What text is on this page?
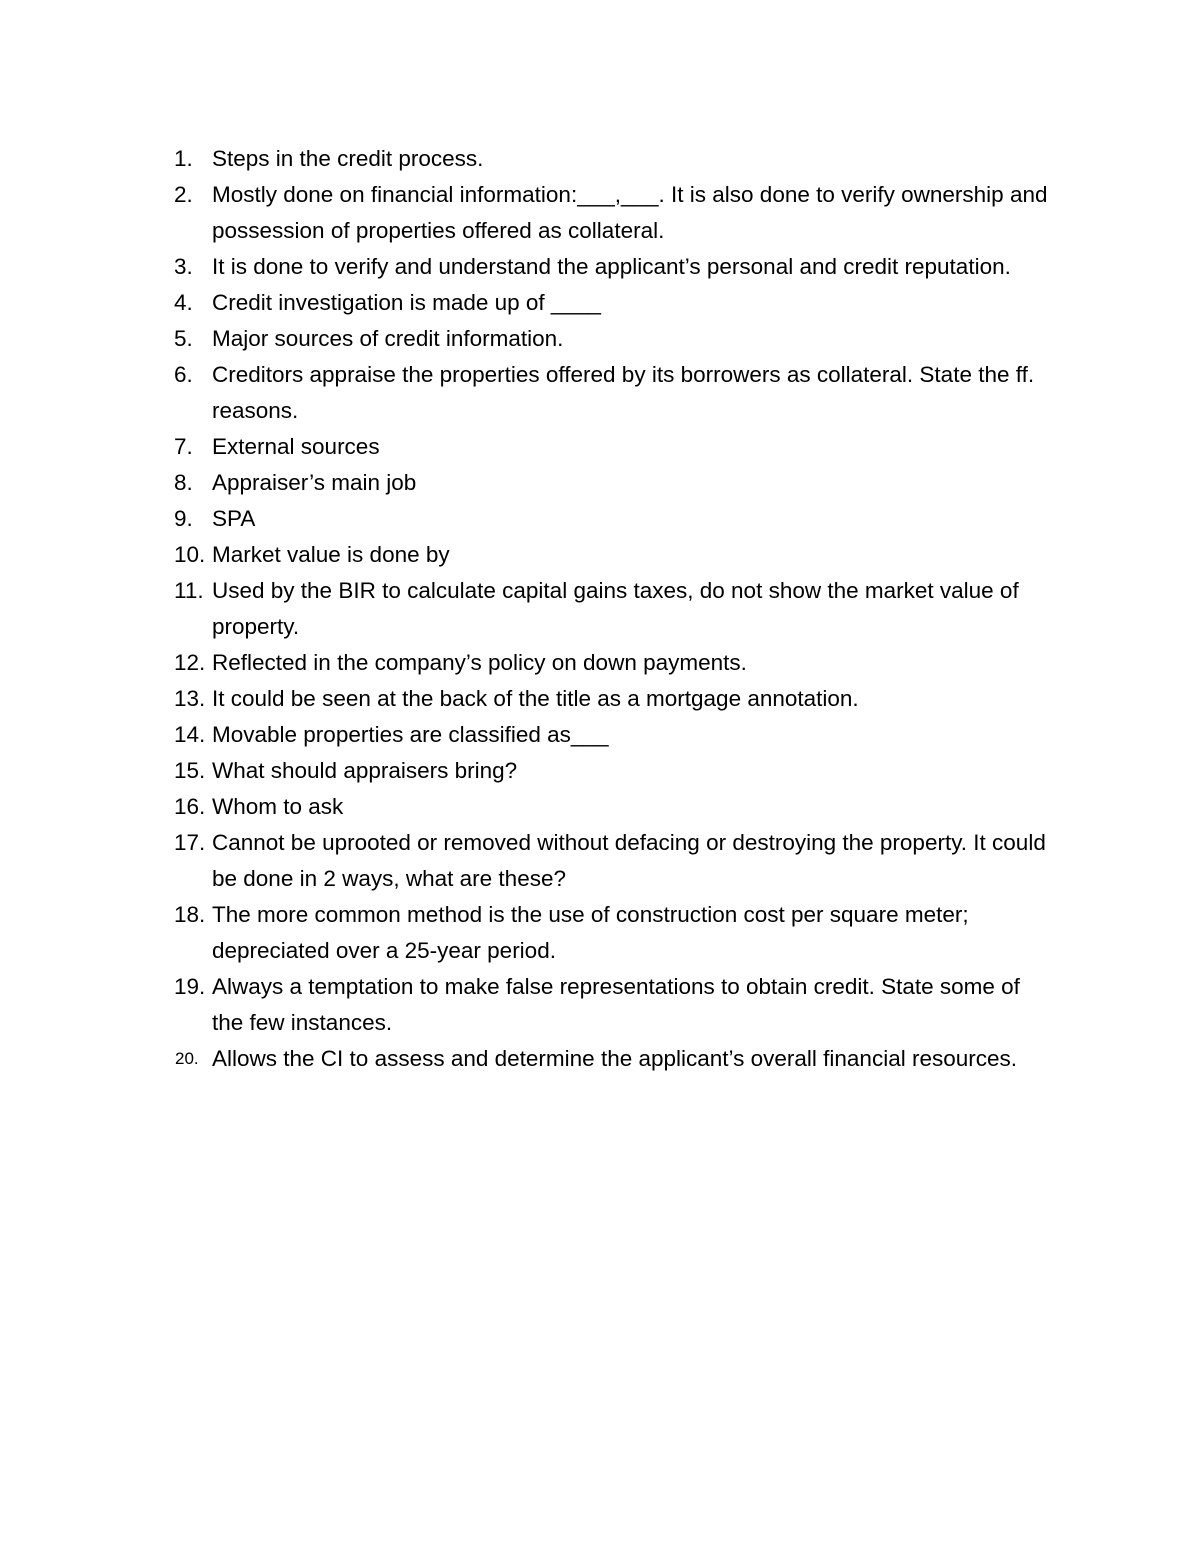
1. Steps in the credit process.
2. Mostly done on financial information:___,___. It is also done to verify ownership and possession of properties offered as collateral.
3. It is done to verify and understand the applicant’s personal and credit reputation.
4. Credit investigation is made up of ____
5. Major sources of credit information.
6. Creditors appraise the properties offered by its borrowers as collateral. State the ff. reasons.
7. External sources
8. Appraiser’s main job
9. SPA
10. Market value is done by
11. Used by the BIR to calculate capital gains taxes, do not show the market value of property.
12. Reflected in the company’s policy on down payments.
13. It could be seen at the back of the title as a mortgage annotation.
14. Movable properties are classified as___
15. What should appraisers bring?
16. Whom to ask
17. Cannot be uprooted or removed without defacing or destroying the property. It could be done in 2 ways, what are these?
18. The more common method is the use of construction cost per square meter; depreciated over a 25-year period.
19. Always a temptation to make false representations to obtain credit. State some of the few instances.
20. Allows the CI to assess and determine the applicant’s overall financial resources.
